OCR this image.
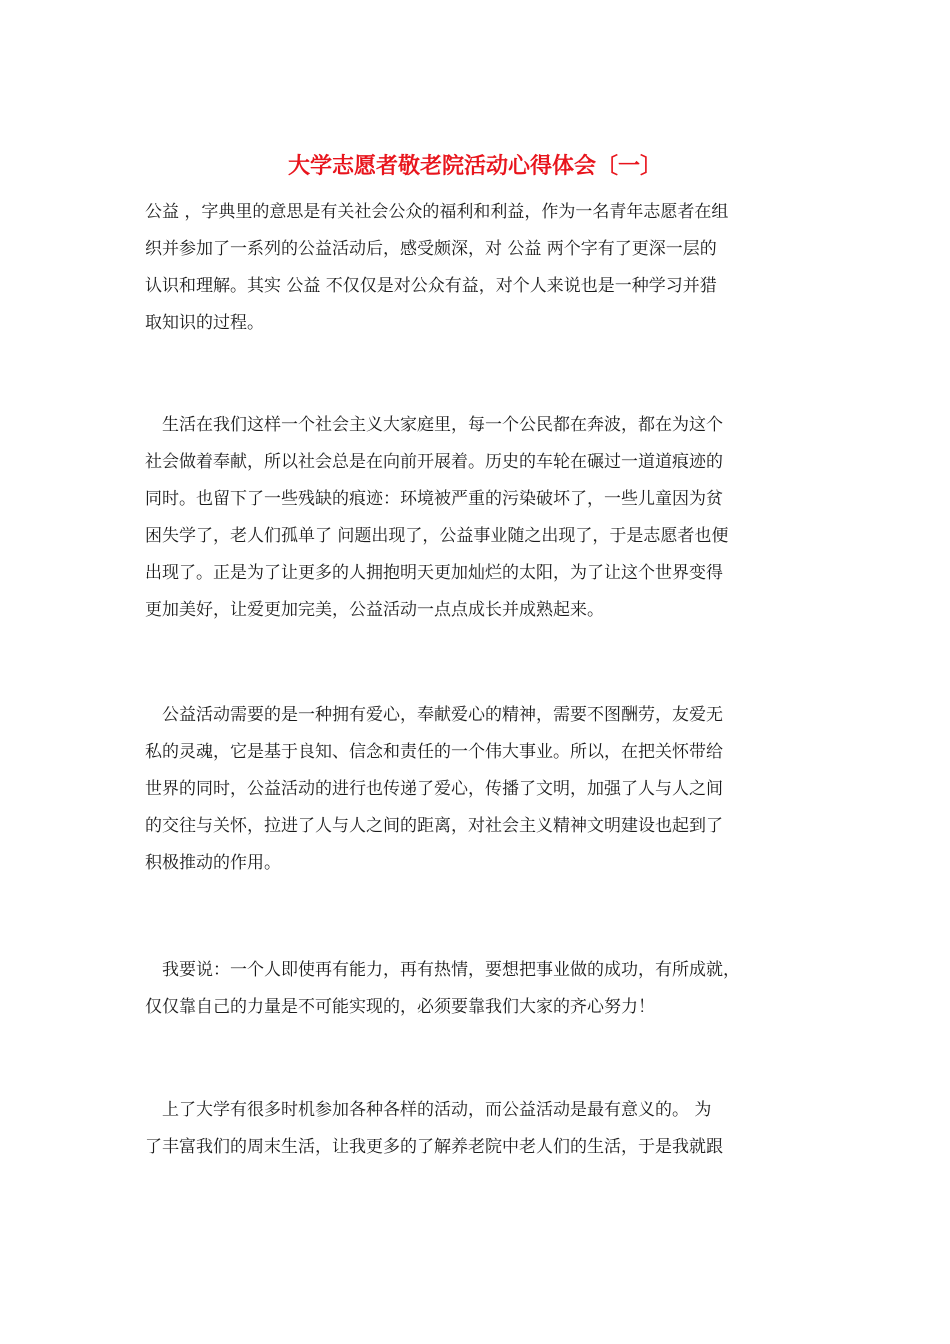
大学志愿者敬老院活动心得体会〔一〕
公益 ，字典里的意思是有关社会公众的福利和利益，作为一名青年志愿者在组
织并参加了一系列的公益活动后，感受颇深，对 公益 两个字有了更深一层的
认识和理解。其实 公益 不仅仅是对公众有益，对个人来说也是一种学习并猎
取知识的过程。
　生活在我们这样一个社会主义大家庭里，每一个公民都在奔波，都在为这个
社会做着奉献，所以社会总是在向前开展着。历史的车轮在碾过一道道痕迹的
同时。也留下了一些残缺的痕迹：环境被严重的污染破坏了，一些儿童因为贫
困失学了，老人们孤单了 问题出现了，公益事业随之出现了，于是志愿者也便
出现了。正是为了让更多的人拥抱明天更加灿烂的太阳，为了让这个世界变得
更加美好，让爱更加完美，公益活动一点点成长并成熟起来。
　公益活动需要的是一种拥有爱心，奉献爱心的精神，需要不图酬劳，友爱无
私的灵魂，它是基于良知、信念和责任的一个伟大事业。所以，在把关怀带给
世界的同时，公益活动的进行也传递了爱心，传播了文明，加强了人与人之间
的交往与关怀，拉进了人与人之间的距离，对社会主义精神文明建设也起到了
积极推动的作用。
　我要说：一个人即使再有能力，再有热情，要想把事业做的成功，有所成就，
仅仅靠自己的力量是不可能实现的，必须要靠我们大家的齐心努力！
　上了大学有很多时机参加各种各样的活动，而公益活动是最有意义的。 为
了丰富我们的周末生活，让我更多的了解养老院中老人们的生活，于是我就跟
